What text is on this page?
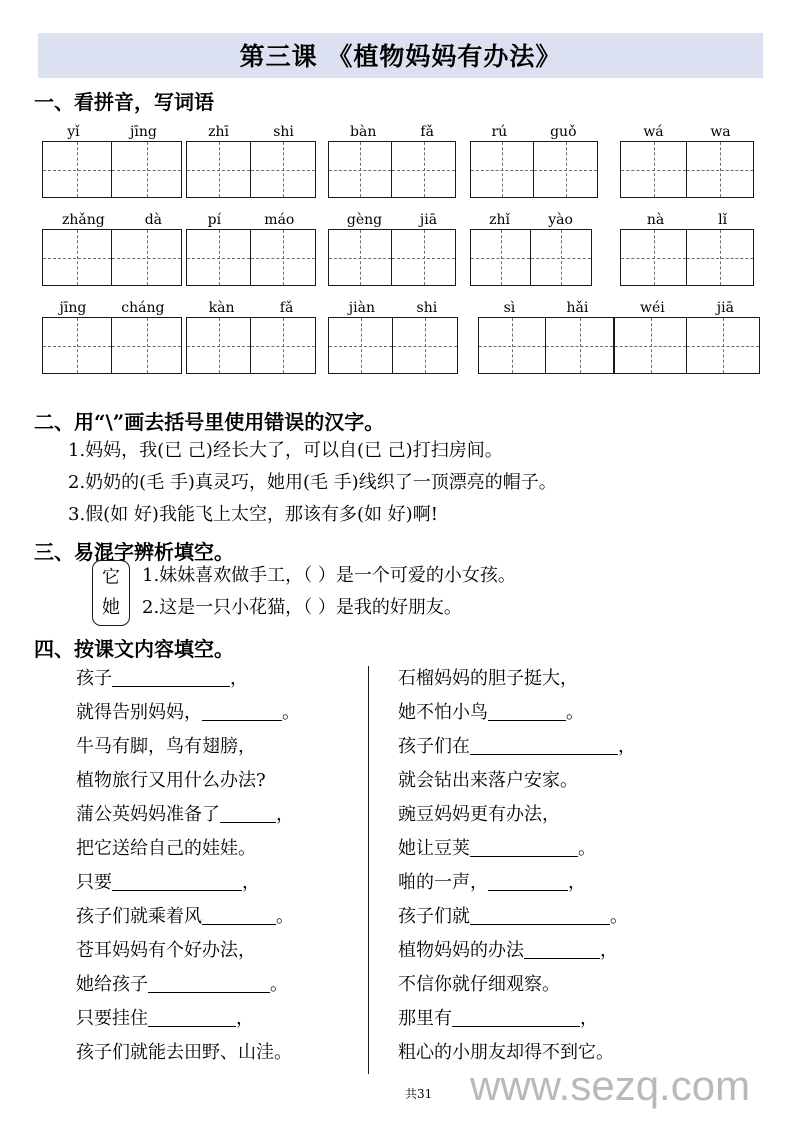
第三课 《植物妈妈有办法》
一、看拼音，写词语
yǐ	jīng	zhī	shi	bàn	fǎ	rú	guǒ	wá	wa
zhǎng	dà	pí	máo	gèng	jiā	zhǐ	yào	nà	lǐ
jīng	cháng	kàn	fǎ	jiàn	shi	sì	hǎi	wéi	jiā
二、用“\”画去括号里使用错误的汉字。
1.妈妈，我(已 己)经长大了，可以自(已 己)打扫房间。
2.奶奶的(毛 手)真灵巧，她用(毛 手)线织了一顶漂亮的帽子。
3.假(如 好)我能飞上太空，那该有多(如 好)啊!
三、易混字辨析填空。
它
她
1.妹妹喜欢做手工，（ ）是一个可爱的小女孩。
2.这是一只小花猫，（ ）是我的好朋友。
四、按课文内容填空。
孩子	，
就得告别妈妈，	。
牛马有脚，鸟有翅膀，
植物旅行又用什么办法?
蒲公英妈妈准备了	，
把它送给自己的娃娃。
只要	，
孩子们就乘着风	。
苍耳妈妈有个好办法，
她给孩子	。
只要挂住	，
孩子们就能去田野、山洼。
石榴妈妈的胆子挺大，
她不怕小鸟	。
孩子们在	，
就会钻出来落户安家。
豌豆妈妈更有办法，
她让豆荚	。
啪的一声，	，
孩子们就	。
植物妈妈的办法	，
不信你就仔细观察。
那里有	，
粗心的小朋友却得不到它。
共31 www.sezq.com
